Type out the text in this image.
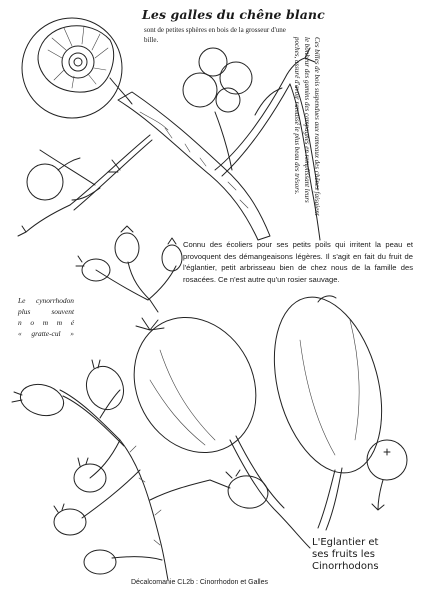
Les galles du chêne blanc

sont de petites sphères en bois de la grosseur d'une bille.	Ces billes de bois suspendues aux rameaux des chênes faisaient le bonheur des gamins des campagnes en remplissant leurs poches, assuré d'avoir ramassé le plus beau des trésors.

Connu des écoliers pour ses petits poils qui irritent la peau et provoquent des démangeaisons légères. Il s'agit en fait du fruit de l'églantier, petit arbrisseau bien de chez nous de la famille des rosacées. Ce n'est autre qu'un rosier sauvage.

Le cynorrhodon
plus souvent
n o m m é
« gratte-cul »
L'Eglantier et
ses fruits les
Cinorrhodons

Décalcomanie CL2b : Cinorrhodon et Galles
